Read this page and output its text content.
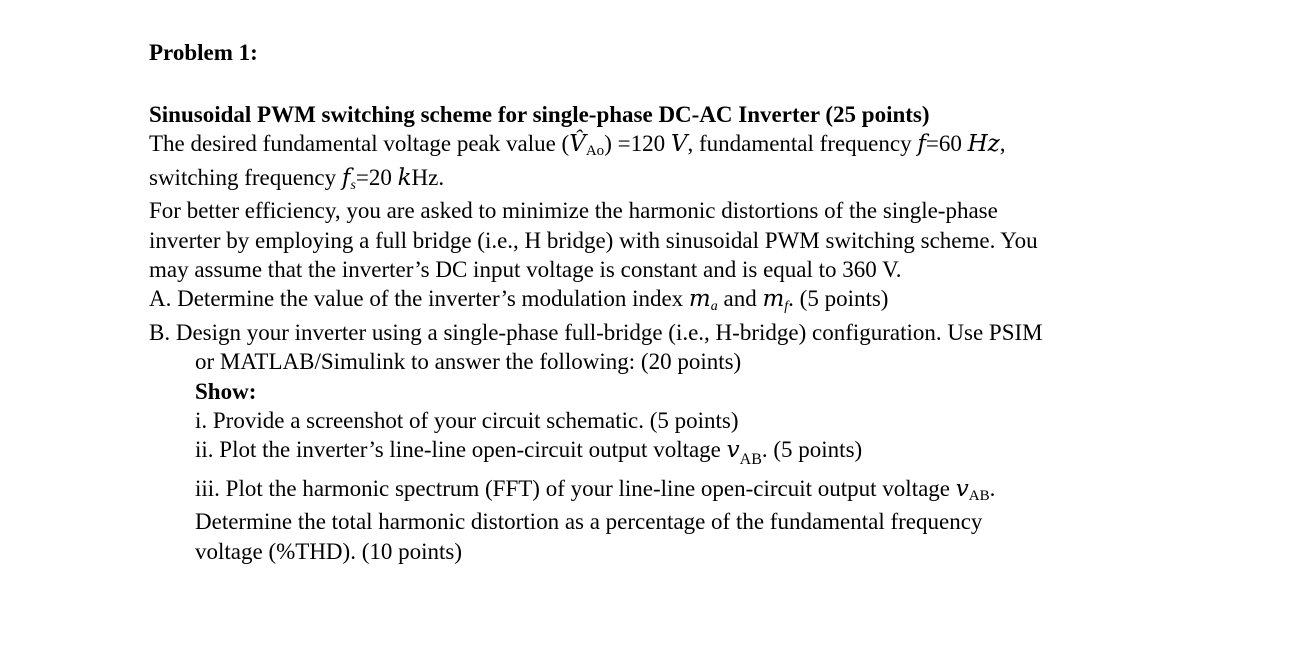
Problem 1:
Sinusoidal PWM switching scheme for single-phase DC-AC Inverter (25 points)
The desired fundamental voltage peak value (V̂Ao) =120 V, fundamental frequency f=60 Hz,
switching frequency fs=20 kHz.
For better efficiency, you are asked to minimize the harmonic distortions of the single-phase
inverter by employing a full bridge (i.e., H bridge) with sinusoidal PWM switching scheme. You
may assume that the inverter’s DC input voltage is constant and is equal to 360 V.
A. Determine the value of the inverter’s modulation index ma and mf. (5 points)
B. Design your inverter using a single-phase full-bridge (i.e., H-bridge) configuration. Use PSIM
or MATLAB/Simulink to answer the following: (20 points)
Show:
i. Provide a screenshot of your circuit schematic. (5 points)
ii. Plot the inverter’s line-line open-circuit output voltage $v_{AB}$. (5 points)
iii. Plot the harmonic spectrum (FFT) of your line-line open-circuit output voltage vAB.
Determine the total harmonic distortion as a percentage of the fundamental frequency
voltage (%THD). (10 points)
